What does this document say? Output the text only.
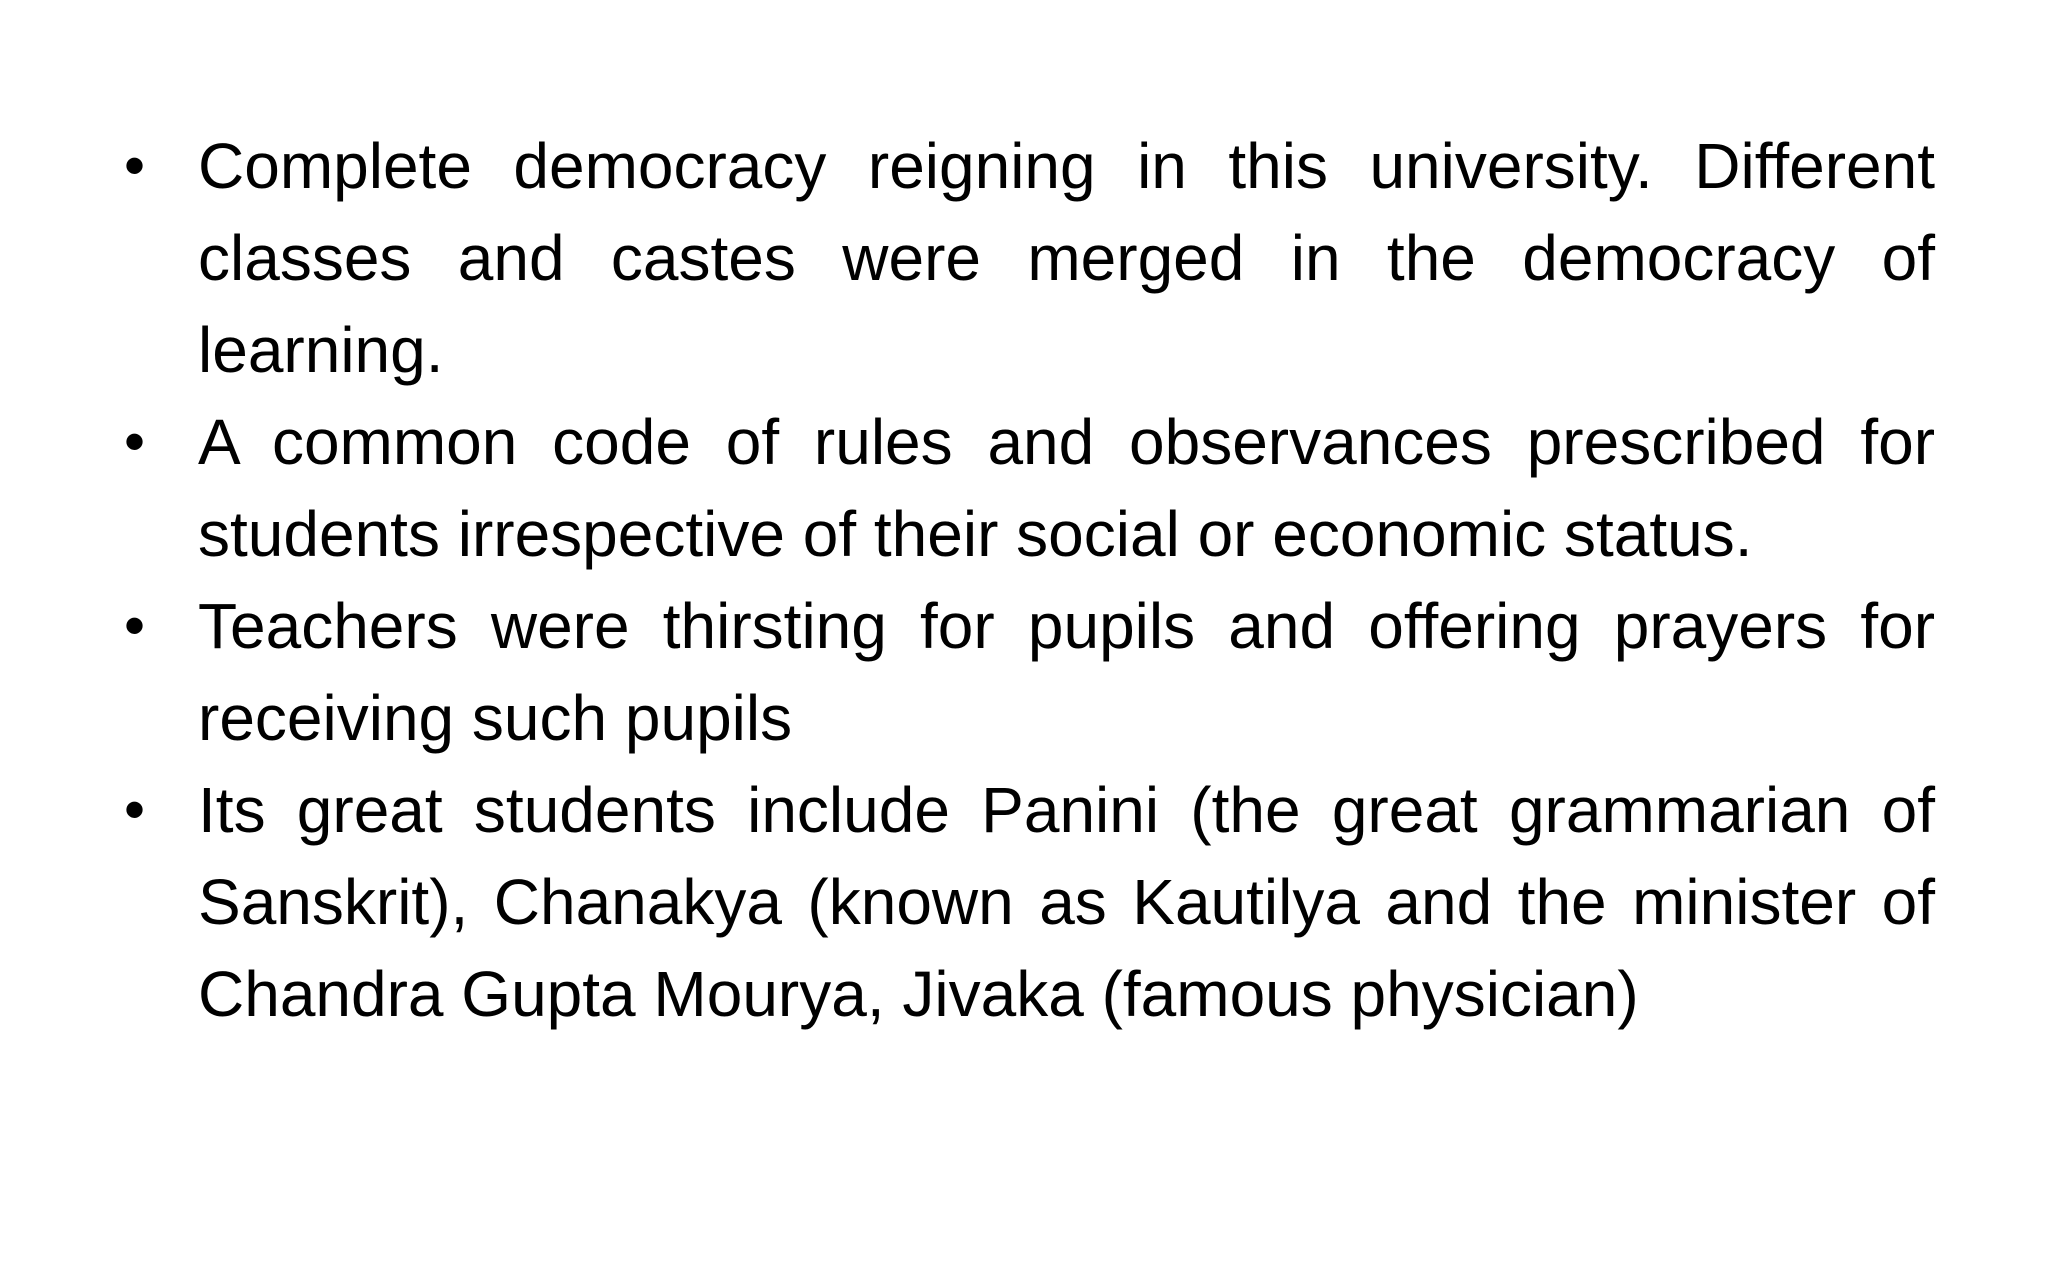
• Complete democracy reigning in this university. Different classes and castes were merged in the democracy of learning.
• A common code of rules and observances prescribed for students irrespective of their social or economic status.
• Teachers were thirsting for pupils and offering prayers for receiving such pupils
• Its great students include Panini (the great grammarian of Sanskrit), Chanakya (known as Kautilya and the minister of Chandra Gupta Mourya, Jivaka (famous physician)
